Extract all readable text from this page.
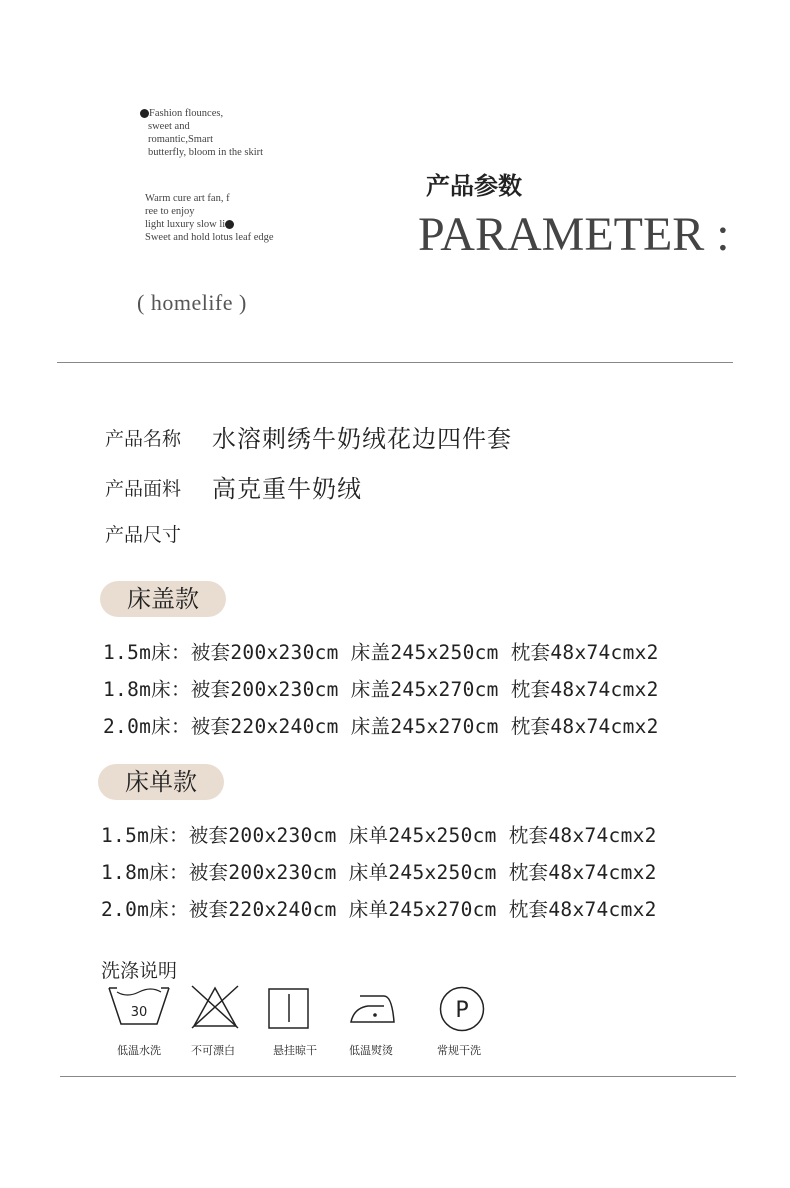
Fashion flounces,
sweet and
romantic,Smart
butterfly, bloom in the skirt
Warm cure art fan, f
ree to enjoy
light luxury slow li
Sweet and hold lotus leaf edge
( homelife )
产品参数
PARAMETER :
产品名称 水溶刺绣牛奶绒花边四件套
产品面料 高克重牛奶绒
产品尺寸
床盖款
1.5m床：被套200x230cm 床盖245x250cm 枕套48x74cmx2
1.8m床：被套200x230cm 床盖245x270cm 枕套48x74cmx2
2.0m床：被套220x240cm 床盖245x270cm 枕套48x74cmx2
床单款
1.5m床：被套200x230cm 床单245x250cm 枕套48x74cmx2
1.8m床：被套200x230cm 床单245x250cm 枕套48x74cmx2
2.0m床：被套220x240cm 床单245x270cm 枕套48x74cmx2
洗涤说明
30
低温水洗	不可漂白	悬挂晾干	低温熨烫
P
常规干洗
